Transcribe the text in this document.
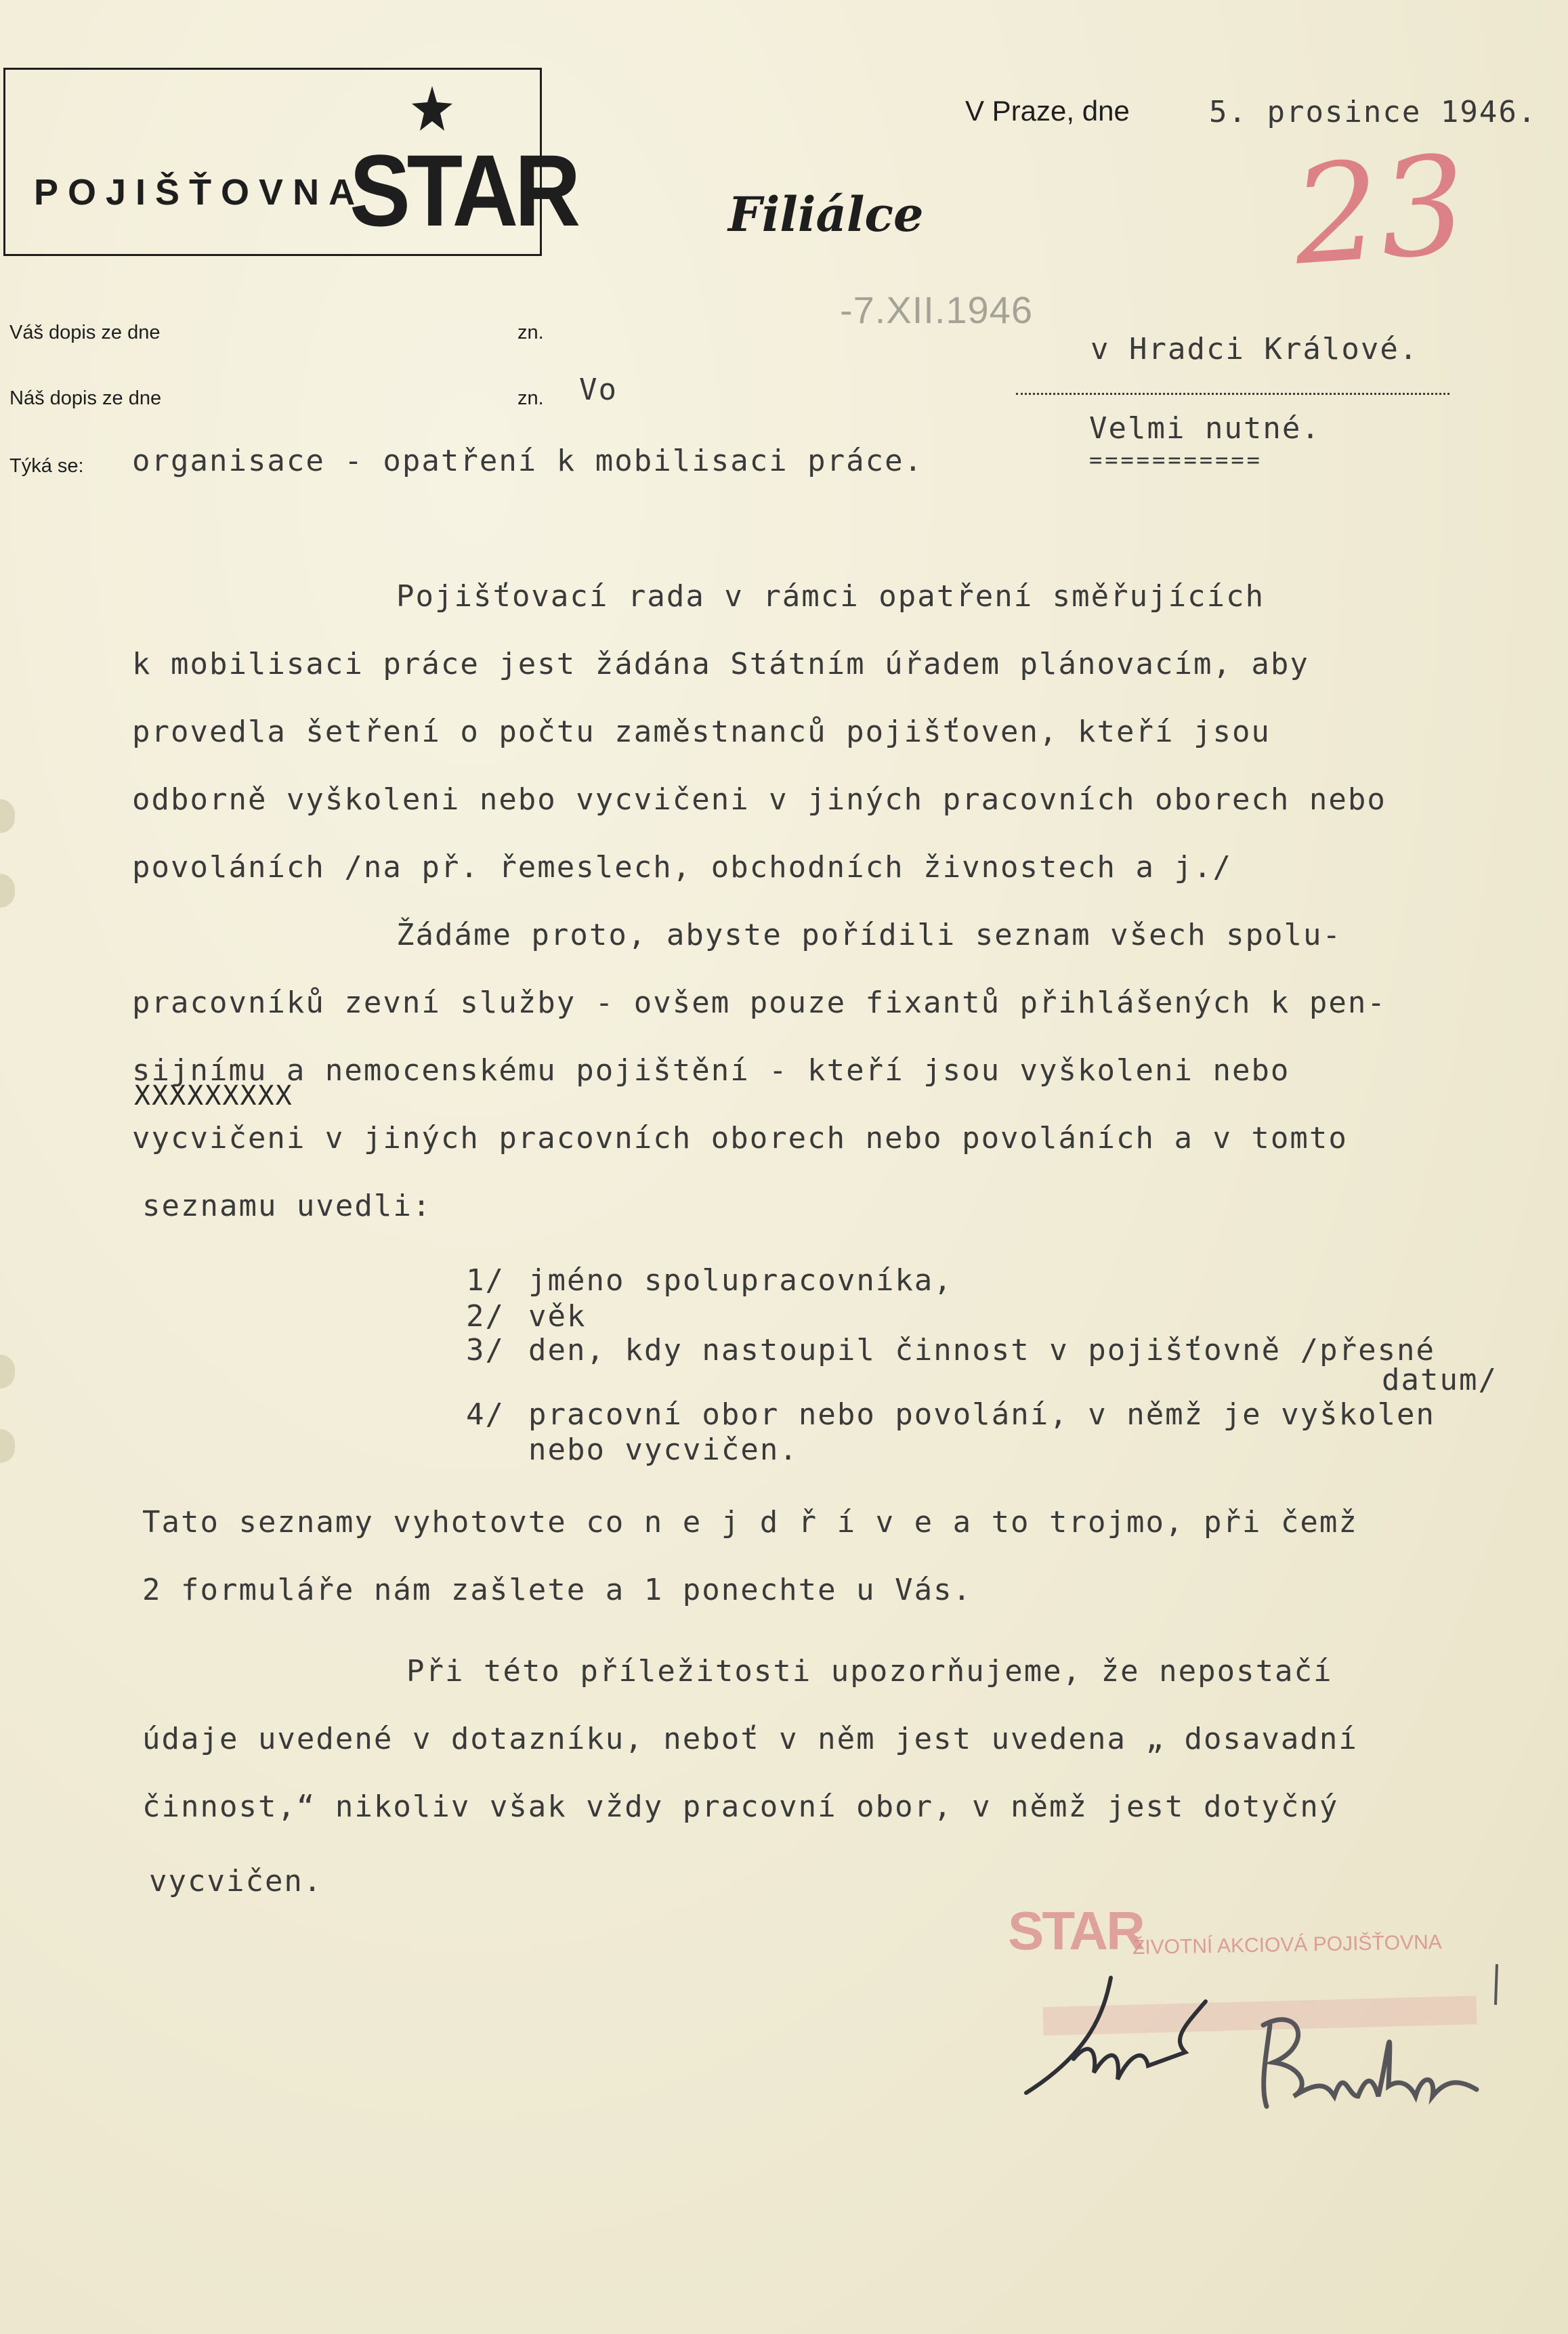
POJIŠŤOVNA
STAR
V Praze, dne	5. prosince 1946.
23
Filiálce
-7.XII.1946
Váš dopis ze dne	zn.
Náš dopis ze dne	zn. Vo
Týká se: organisace - opatření k mobilisaci práce.
v Hradci Králové.
Velmi nutné.
===========
Pojišťovací rada v rámci opatření směřujících
k mobilisaci práce jest žádána Státním úřadem plánovacím, aby
provedla šetření o počtu zaměstnanců pojišťoven, kteří jsou
odborně vyškoleni nebo vycvičeni v jiných pracovních oborech nebo
povoláních /na př. řemeslech, obchodních živnostech a j./
Žádáme proto, abyste pořídili seznam všech spolu-
pracovníků zevní služby - ovšem pouze fixantů přihlášených k pen-
sijnímu a nemocenskému pojištění - kteří jsou vyškoleni nebo
XXXXXXXXX
vycvičeni v jiných pracovních oborech nebo povoláních a v tomto
seznamu uvedli:
1/ jméno spolupracovníka,
2/ věk
3/ den, kdy nastoupil činnost v pojišťovně /přesné
datum/
4/ pracovní obor nebo povolání, v němž je vyškolen
nebo vycvičen.
Tato seznamy vyhotovte co n e j d ř í v e a to trojmo, při čemž
2 formuláře nám zašlete a 1 ponechte u Vás.
Při této příležitosti upozorňujeme, že nepostačí
údaje uvedené v dotazníku, neboť v něm jest uvedena „ dosavadní
činnost,“ nikoliv však vždy pracovní obor, v němž jest dotyčný
vycvičen.
STAR
ŽIVOTNÍ AKCIOVÁ POJIŠŤOVNA
